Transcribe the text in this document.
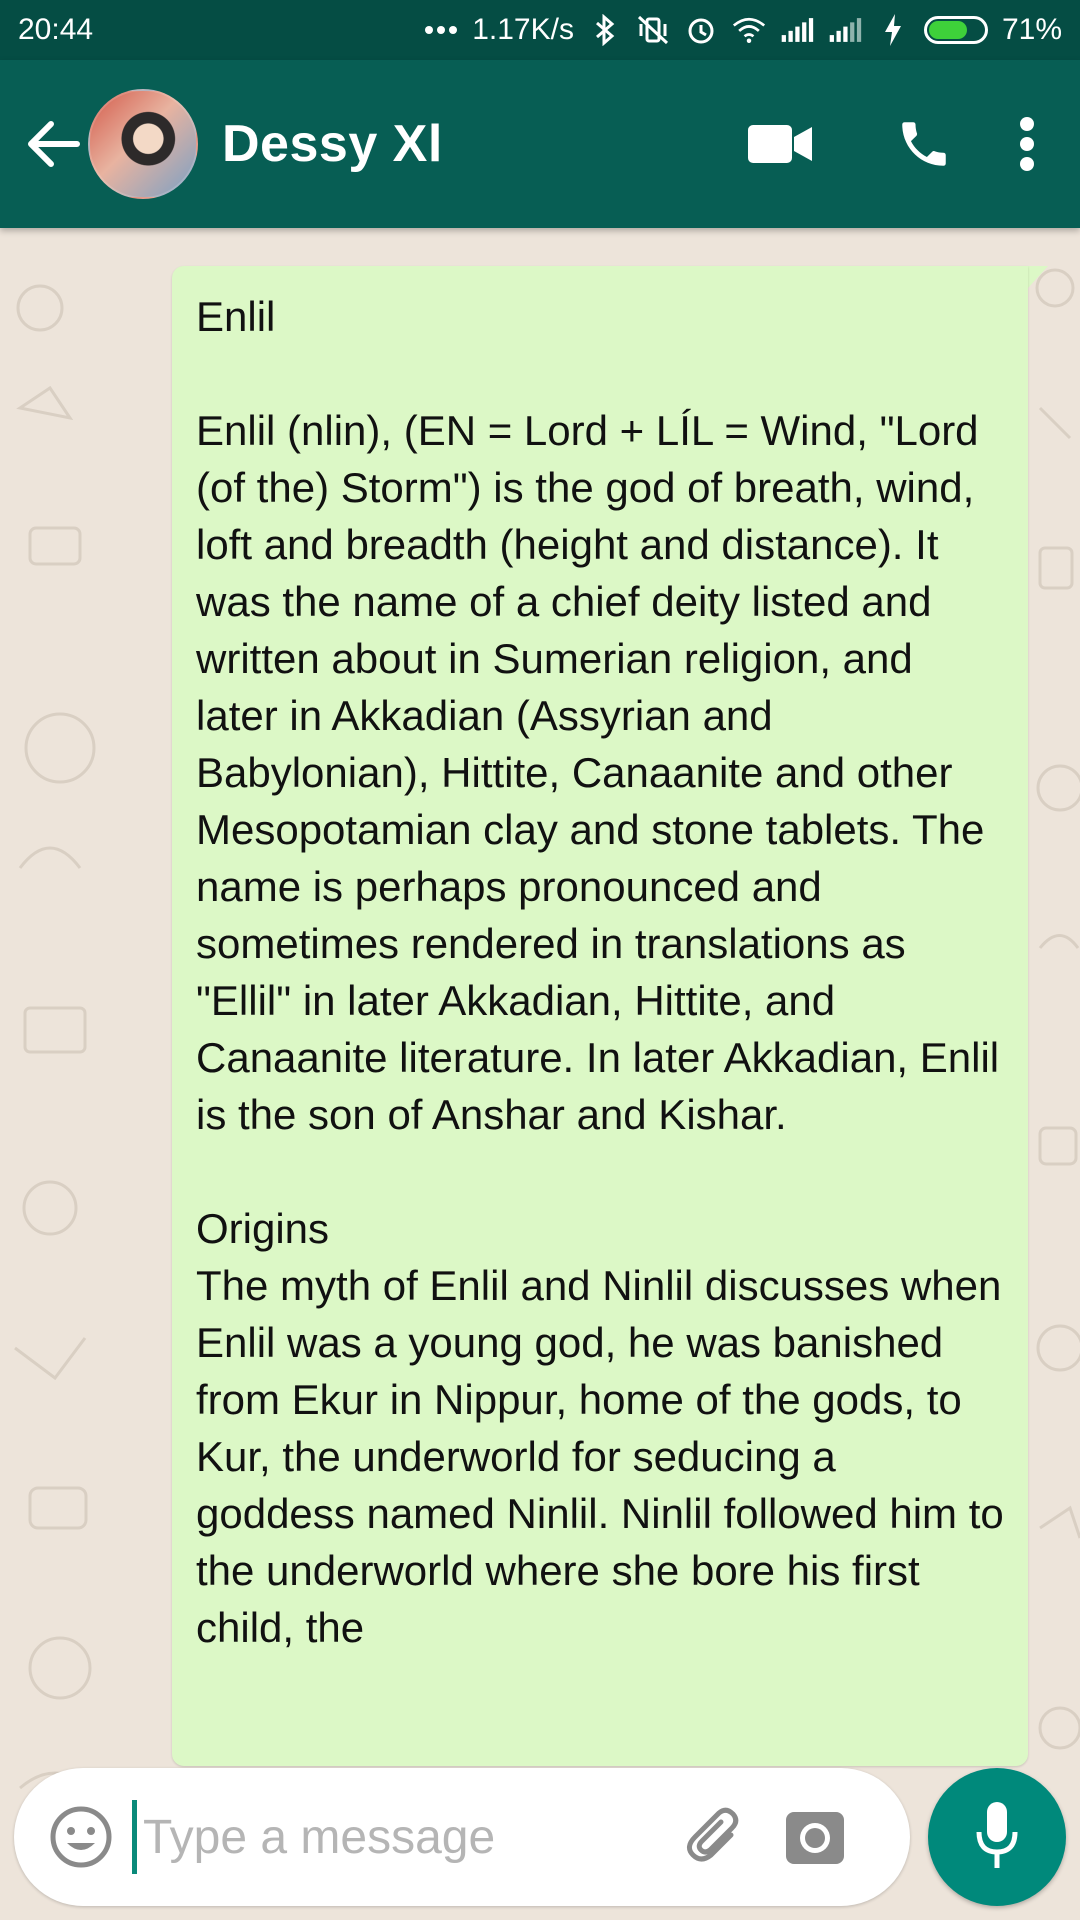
20:44	1.17K/s	71%
Dessy Xl
Enlil

Enlil (nlin), (EN = Lord + LÍL = Wind, "Lord (of the) Storm") is the god of breath, wind, loft and breadth (height and distance). It was the name of a chief deity listed and written about in Sumerian religion, and later in Akkadian (Assyrian and Babylonian), Hittite, Canaanite and other Mesopotamian clay and stone tablets. The name is perhaps pronounced and sometimes rendered in translations as "Ellil" in later Akkadian, Hittite, and Canaanite literature. In later Akkadian, Enlil is the son of Anshar and Kishar.

Origins
The myth of Enlil and Ninlil discusses when Enlil was a young god, he was banished from Ekur in Nippur, home of the gods, to Kur, the underworld for seducing a goddess named Ninlil. Ninlil followed him to the underworld where she bore his first child, the
Type a message
